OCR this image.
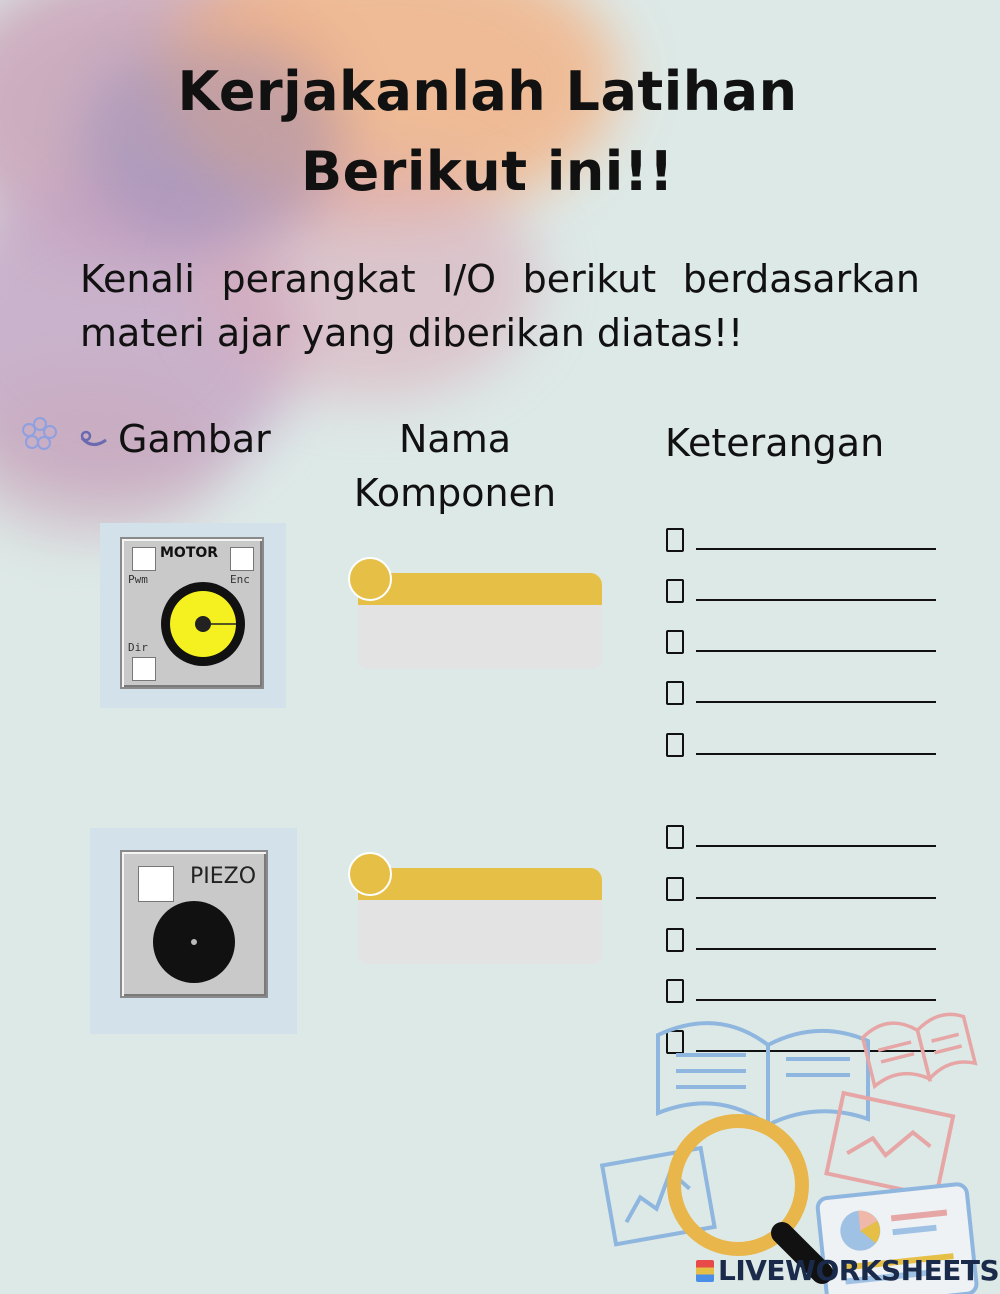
Kerjakanlah Latihan
Berikut ini!!
Kenali perangkat I/O berikut berdasarkan materi ajar yang diberikan diatas!!
Gambar	Nama
Komponen
Keterangan
MOTOR
Pwm	Enc
Dir
PIEZO
LIVEWORKSHEETS
